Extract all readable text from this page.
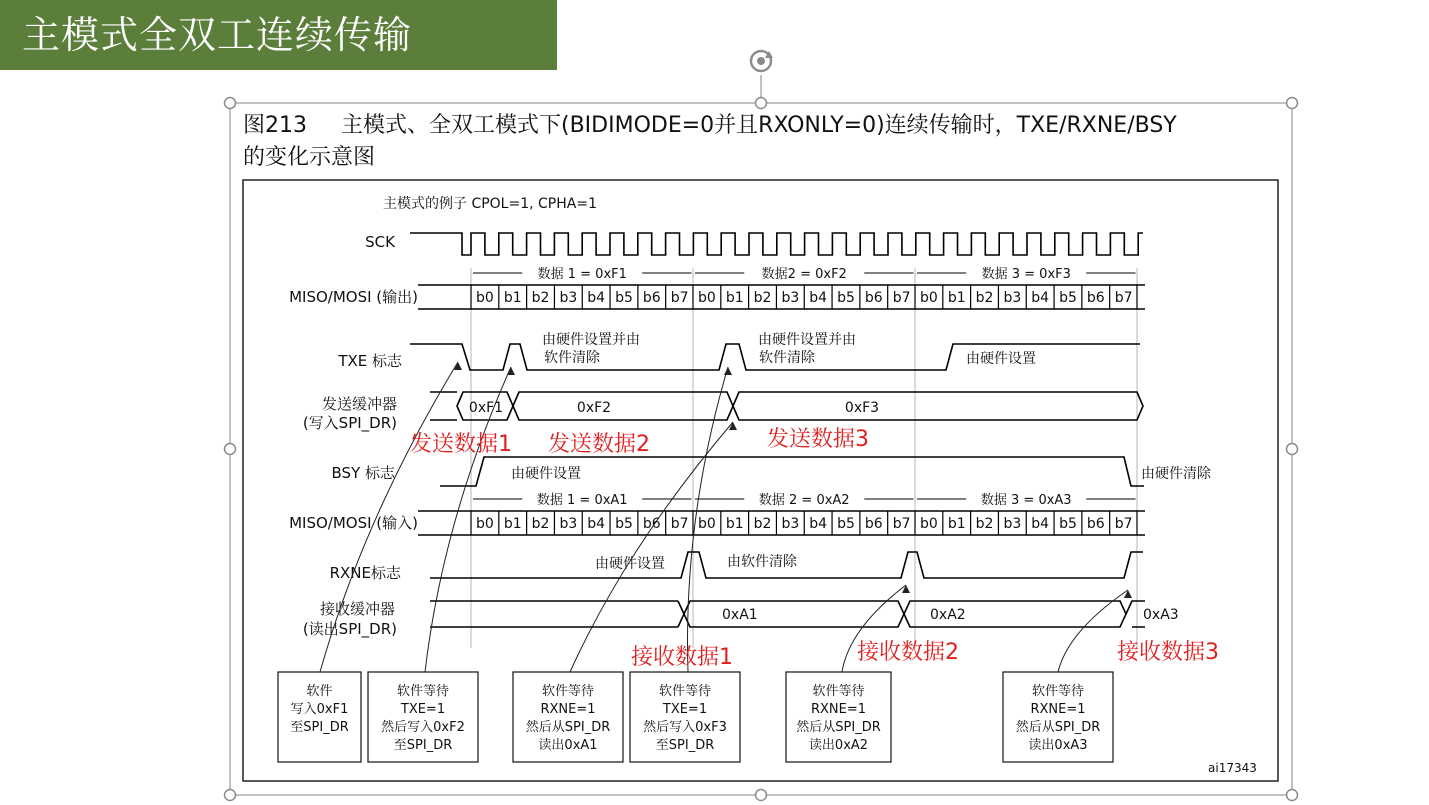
主模式全双工连续传输
图213 主模式、全双工模式下(BIDIMODE=0并且RXONLY=0)连续传输时，TXE/RXNE/BSY
的变化示意图
主模式的例子 CPOL=1, CPHA=1
SCK
MISO/MOSI (输出)
TXE 标志
发送缓冲器
(写入SPI_DR)
BSY 标志
MISO/MOSI (输入)
RXNE标志
接收缓冲器
(读出SPI_DR)
由硬件设置并由
软件清除
由硬件设置并由
软件清除	由硬件设置
由硬件设置	由硬件清除
由硬件设置	由软件清除
ai17343
数据 1 = 0xF1
b0 b1 b2 b3 b4 b5 b6 b7
数据2 = 0xF2
b0 b1 b2 b3 b4 b5 b6 b7
数据 3 = 0xF3
b0 b1 b2 b3 b4 b5 b6 b7
数据 1 = 0xA1
b0 b1 b2 b3 b4 b5 b6 b7
数据 2 = 0xA2
b0 b1 b2 b3 b4 b5 b6 b7
数据 3 = 0xA3
b0 b1 b2 b3 b4 b5 b6 b7
0xF1	0xF2	0xF3
0xA1	0xA2	0xA3
软件
写入0xF1
至SPI_DR
软件等待
TXE=1
然后写入0xF2
至SPI_DR
软件等待
RXNE=1
然后从SPI_DR
读出0xA1
软件等待
TXE=1
然后写入0xF3
至SPI_DR
软件等待
RXNE=1
然后从SPI_DR
读出0xA2
软件等待
RXNE=1
然后从SPI_DR
读出0xA3
发送数据1 发送数据2	发送数据3
接收数据1	接收数据2	接收数据3
